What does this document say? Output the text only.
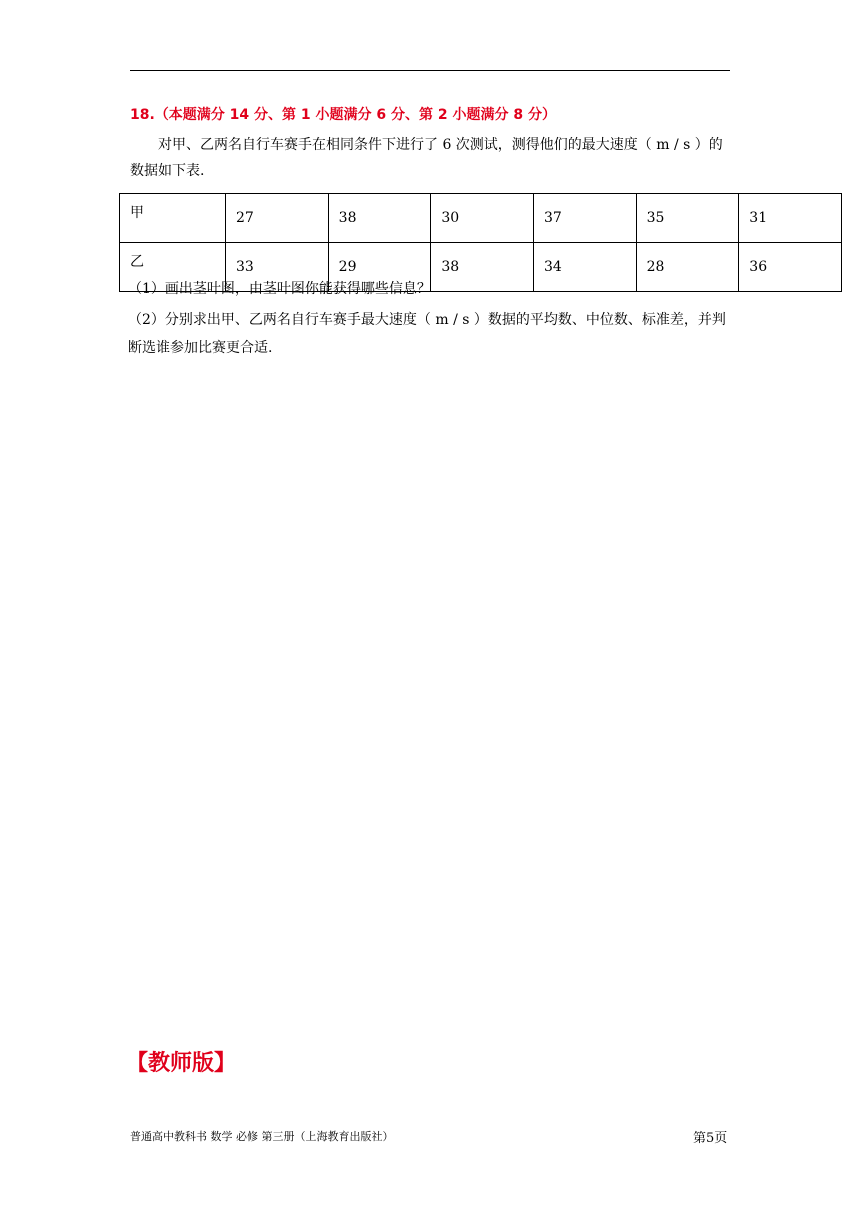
18.（本题满分 14 分、第 1 小题满分 6 分、第 2 小题满分 8 分）
对甲、乙两名自行车赛手在相同条件下进行了 6 次测试，测得他们的最大速度（ m / s ）的数据如下表.
甲	27	38	30	37	35	31
乙	33	29	38	34	28	36
（1）画出茎叶图，由茎叶图你能获得哪些信息？
（2）分别求出甲、乙两名自行车赛手最大速度（ m / s ）数据的平均数、中位数、标准差，并判断选谁参加比赛更合适.
【教师版】
普通高中教科书 数学 必修 第三册（上海教育出版社）	第5页
